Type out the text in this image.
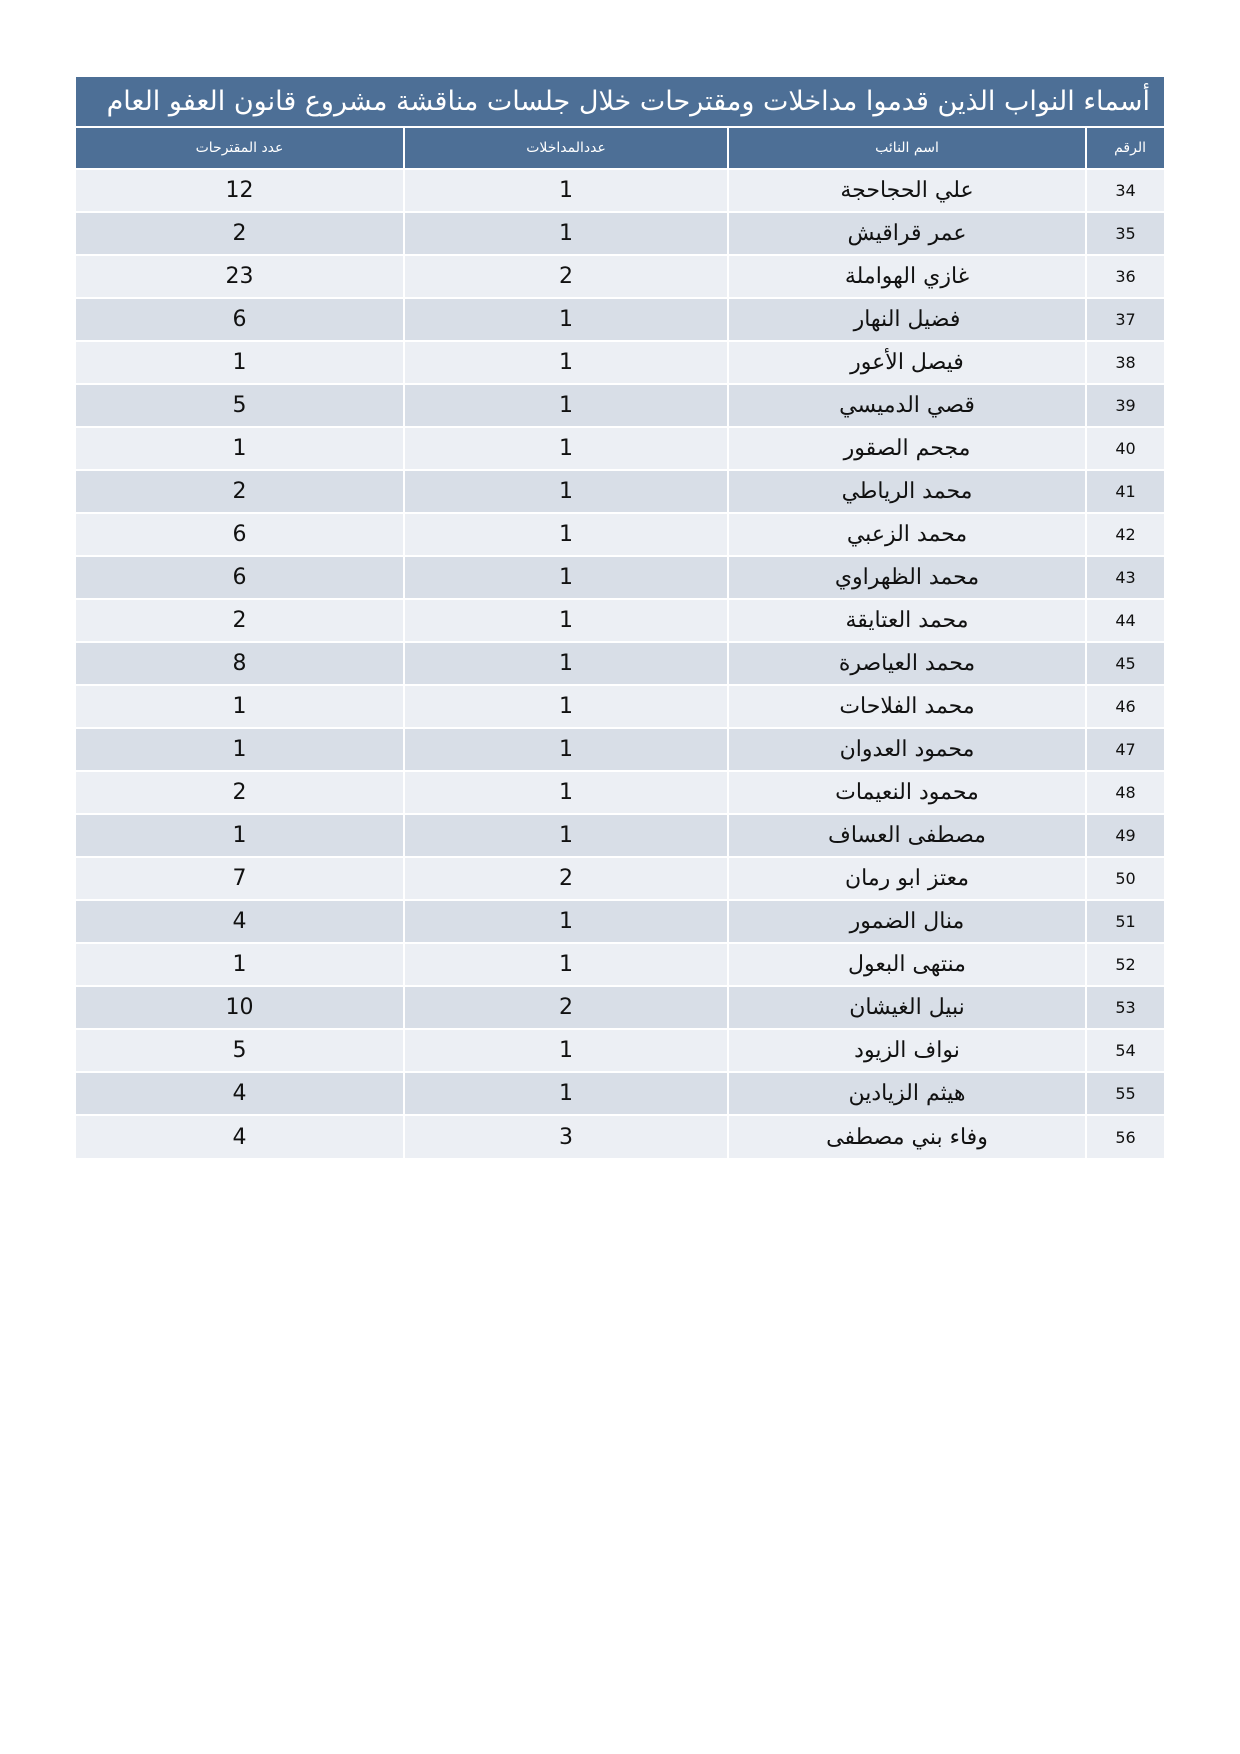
أسماء النواب الذين قدموا مداخلات ومقترحات خلال جلسات مناقشة مشروع قانون العفو العام
الرقم	اسم النائب	عددالمداخلات	عدد المقترحات
34	علي الحجاحجة	1	12
35	عمر قراقيش	1	2
36	غازي الهواملة	2	23
37	فضيل النهار	1	6
38	فيصل الأعور	1	1
39	قصي الدميسي	1	5
40	مجحم الصقور	1	1
41	محمد الرياطي	1	2
42	محمد الزعبي	1	6
43	محمد الظهراوي	1	6
44	محمد العتايقة	1	2
45	محمد العياصرة	1	8
46	محمد الفلاحات	1	1
47	محمود العدوان	1	1
48	محمود النعيمات	1	2
49	مصطفى العساف	1	1
50	معتز ابو رمان	2	7
51	منال الضمور	1	4
52	منتهى البعول	1	1
53	نبيل الغيشان	2	10
54	نواف الزيود	1	5
55	هيثم الزيادين	1	4
56	وفاء بني مصطفى	3	4
